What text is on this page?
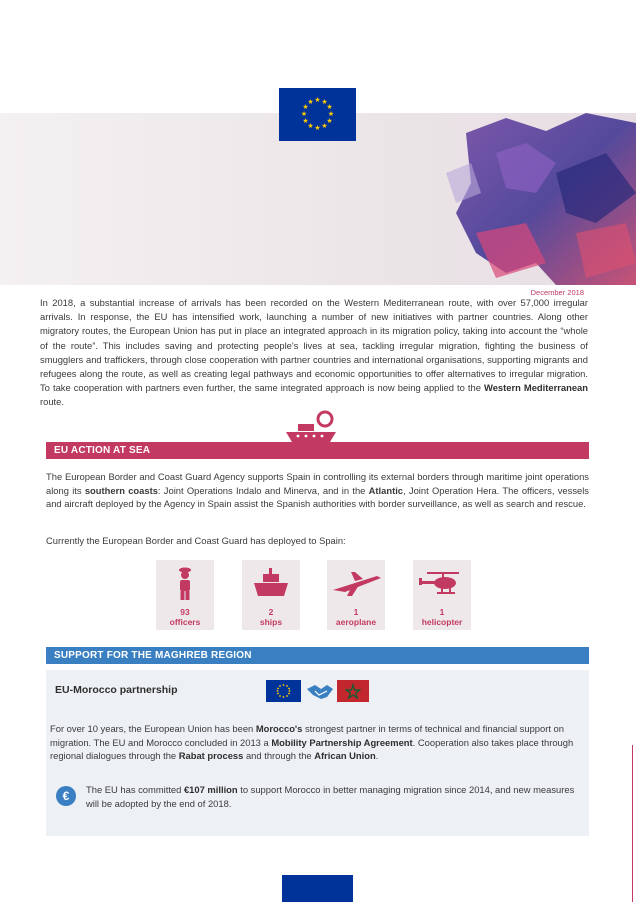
★ ★
★
★
★
★
★
★
★
★
★
★
December 2018
In 2018, a substantial increase of arrivals has been recorded on the Western Mediterranean route, with over 57,000 irregular arrivals. In response, the EU has intensified work, launching a number of new initiatives with partner countries. Along other migratory routes, the European Union has put in place an integrated approach in its migration policy, taking into account the “whole of the route”. This includes saving and protecting people's lives at sea, tackling irregular migration, fighting the business of smugglers and traffickers, through close cooperation with partner countries and international organisations, supporting migrants and refugees along the route, as well as creating legal pathways and economic opportunities to offer alternatives to irregular migration. To take cooperation with partners even further, the same integrated approach is now being applied to the Western Mediterranean route.
EU ACTION AT SEA
The European Border and Coast Guard Agency supports Spain in controlling its external borders through maritime joint operations along its southern coasts: Joint Operations Indalo and Minerva, and in the Atlantic, Joint Operation Hera. The officers, vessels and aircraft deployed by the Agency in Spain assist the Spanish authorities with border surveillance, as well as search and rescue.
Currently the European Border and Coast Guard has deployed to Spain:
93
officers
2
ships
1
aeroplane
1
helicopter
SUPPORT FOR THE MAGHREB REGION
EU-Morocco partnership
For over 10 years, the European Union has been Morocco's strongest partner in terms of technical and financial support on migration. The EU and Morocco concluded in 2013 a Mobility Partnership Agreement. Cooperation also takes place through regional dialogues through the Rabat process and through the African Union.
€	The EU has committed €107 million to support Morocco in better managing migration since 2014, and new measures will be adopted by the end of 2018.
